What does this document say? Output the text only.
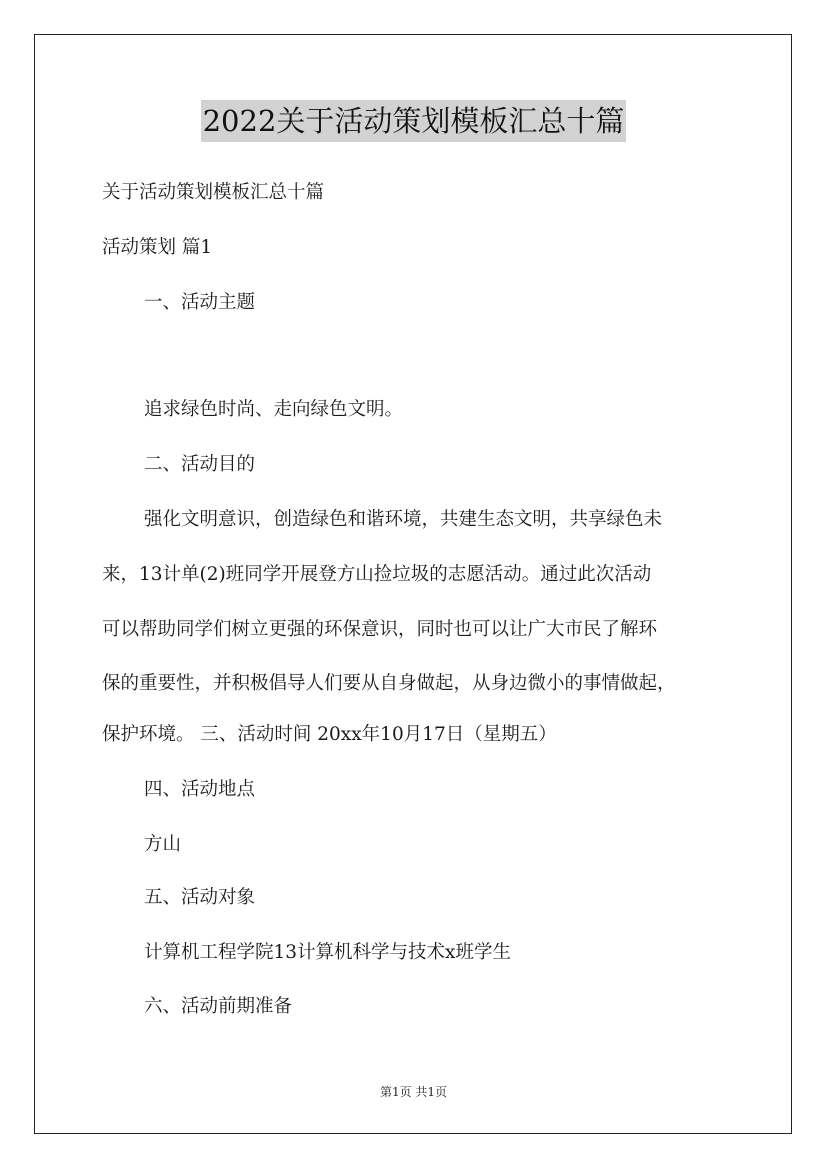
2022关于活动策划模板汇总十篇
关于活动策划模板汇总十篇
活动策划 篇1
一、活动主题
追求绿色时尚、走向绿色文明。
二、活动目的
强化文明意识，创造绿色和谐环境，共建生态文明，共享绿色未
来，13计单(2)班同学开展登方山捡垃圾的志愿活动。通过此次活动
可以帮助同学们树立更强的环保意识，同时也可以让广大市民了解环
保的重要性，并积极倡导人们要从自身做起，从身边微小的事情做起，
保护环境。 三、活动时间 20xx年10月17日（星期五）
四、活动地点
方山
五、活动对象
计算机工程学院13计算机科学与技术x班学生
六、活动前期准备
第1页 共1页
